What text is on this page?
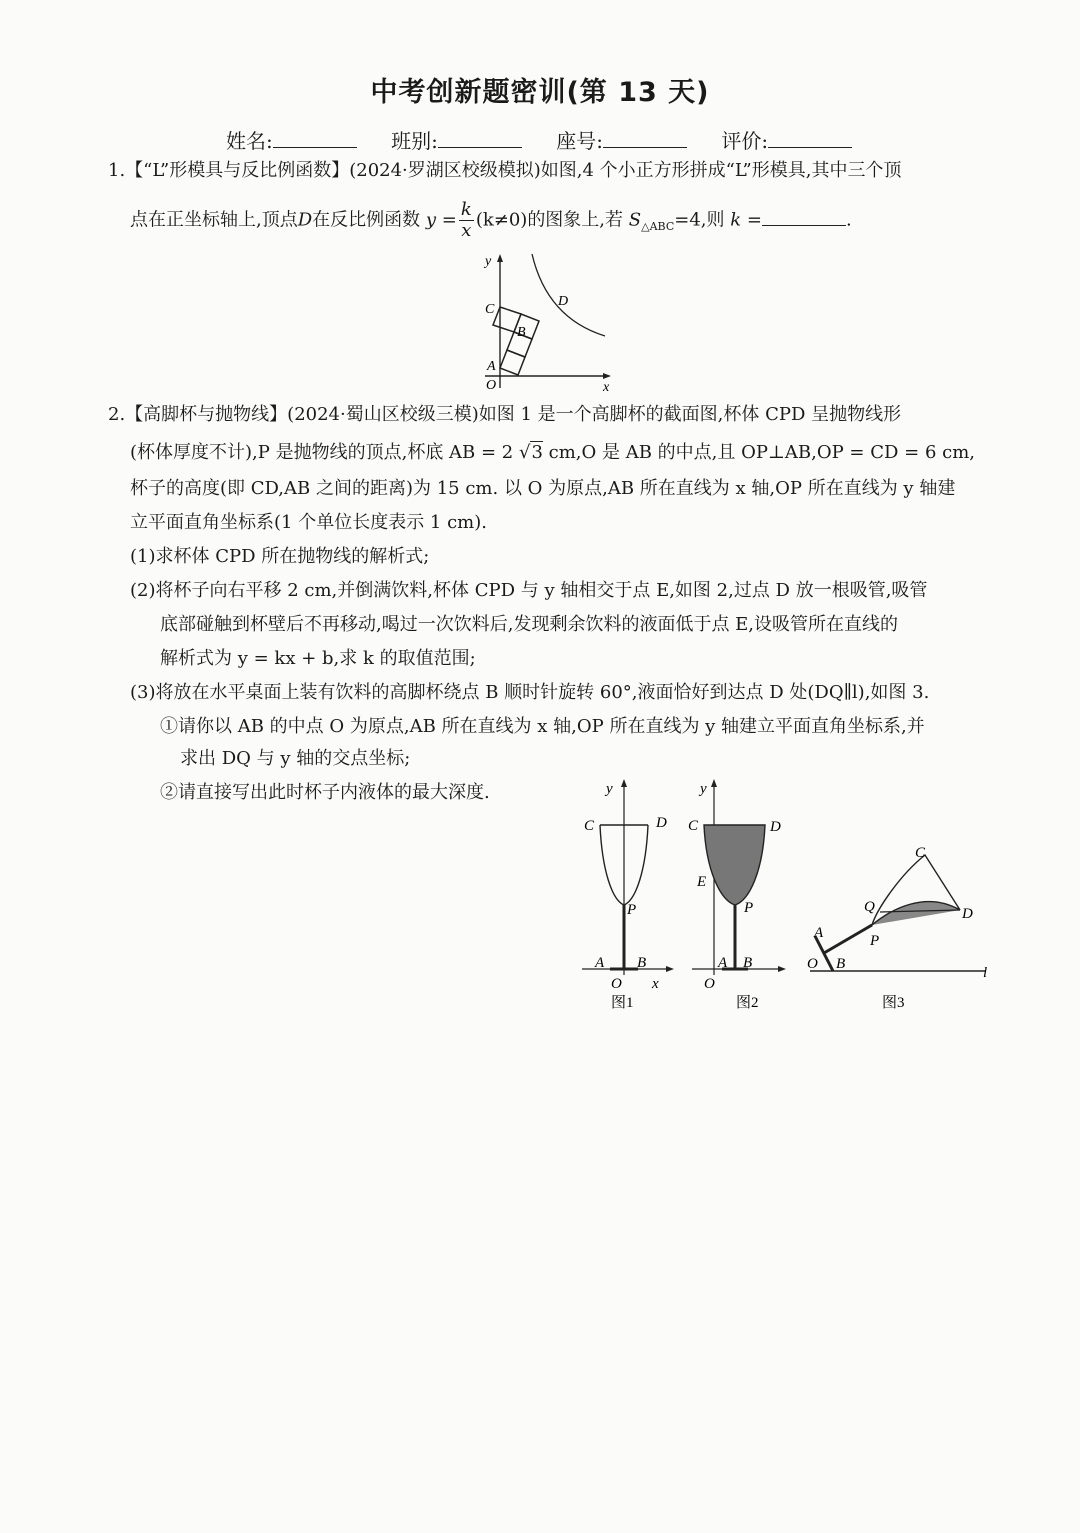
中考创新题密训(第 13 天)
姓名:	班别:	座号:	评价:
1.【“L”形模具与反比例函数】(2024·罗湖区校级模拟)如图,4 个小正方形拼成“L”形模具,其中三个顶
点在正坐标轴上,顶点D在反比例函数 $y = \frac{k}{x} (k\ne 0)$的图象上,若 $S_{\triangle ABC}=4$,则 k =	.
y
x
O
A
B
C
D
2.【高脚杯与抛物线】(2024·蜀山区校级三模)如图 1 是一个高脚杯的截面图,杯体 CPD 呈抛物线形
(杯体厚度不计),P 是抛物线的顶点,杯底 AB = 2 √3 cm,O 是 AB 的中点,且 OP⊥AB,OP = CD = 6 cm,
杯子的高度(即 CD,AB 之间的距离)为 15 cm. 以 O 为原点,AB 所在直线为 x 轴,OP 所在直线为 y 轴建
立平面直角坐标系(1 个单位长度表示 1 cm).
(1)求杯体 CPD 所在抛物线的解析式;
(2)将杯子向右平移 2 cm,并倒满饮料,杯体 CPD 与 y 轴相交于点 E,如图 2,过点 D 放一根吸管,吸管
底部碰触到杯壁后不再移动,喝过一次饮料后,发现剩余饮料的液面低于点 E,设吸管所在直线的
解析式为 y = kx + b,求 k 的取值范围;
(3)将放在水平桌面上装有饮料的高脚杯绕点 B 顺时针旋转 60°,液面恰好到达点 D 处(DQ∥l),如图 3.
①请你以 AB 的中点 O 为原点,AB 所在直线为 x 轴,OP 所在直线为 y 轴建立平面直角坐标系,并
求出 DQ 与 y 轴的交点坐标;
②请直接写出此时杯子内液体的最大深度.
C	D
P
A B
O x
y
图1
C	D
E
P
A B
O
y
图2
C
D
Q
P
A
B
O
l
图3
